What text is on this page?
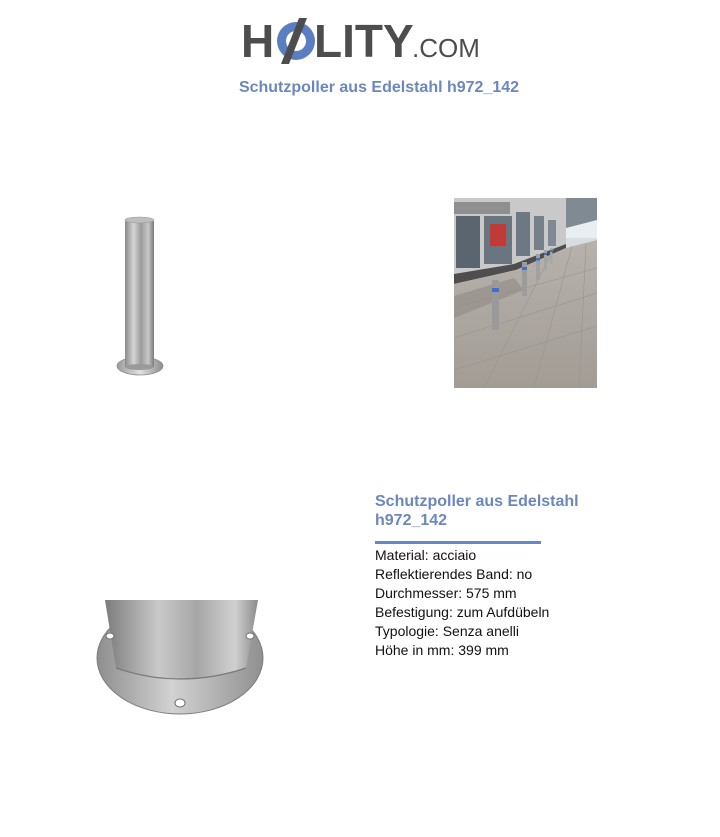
H LITY
.COM
Schutzpoller aus Edelstahl h972_142
Schutzpoller aus Edelstahl
h972_142
Material: acciaio
Reflektierendes Band: no
Durchmesser: 575 mm
Befestigung: zum Aufdübeln
Typologie: Senza anelli
Höhe in mm: 399 mm
